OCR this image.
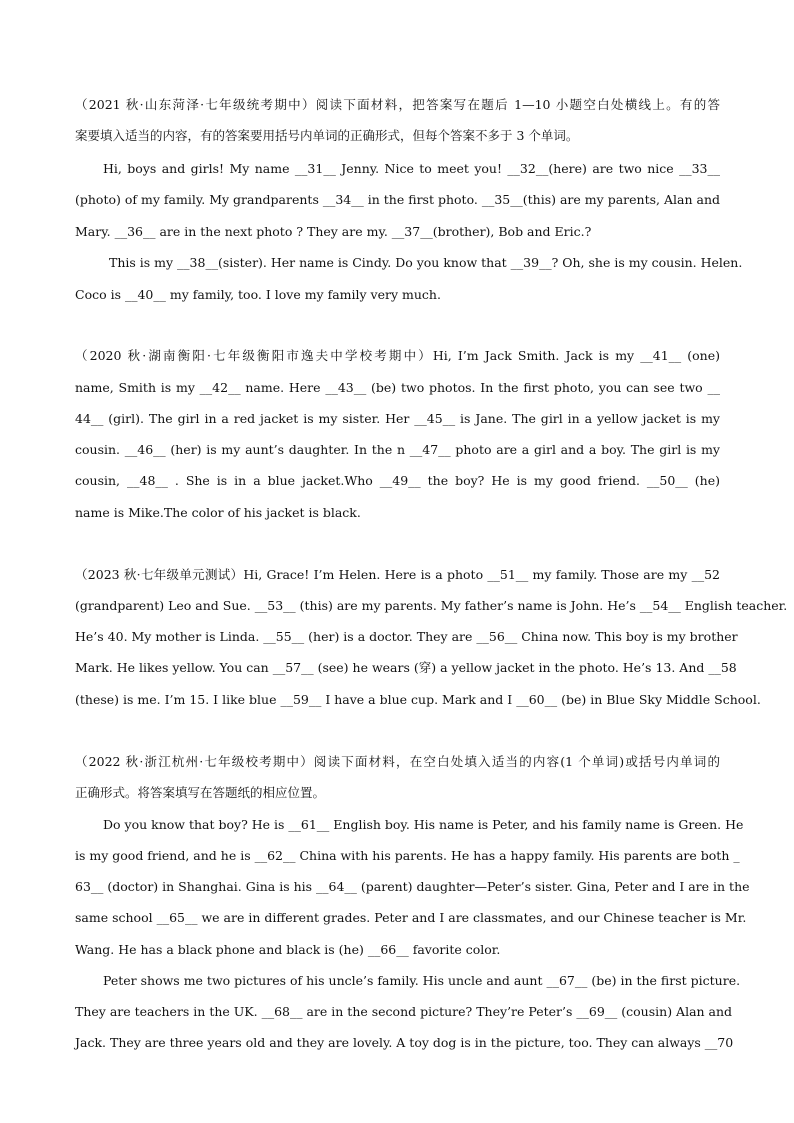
（2021 秋·山东菏泽·七年级统考期中）阅读下面材料，把答案写在题后 1—10 小题空白处横线上。有的答
案要填入适当的内容，有的答案要用括号内单词的正确形式，但每个答案不多于 3 个单词。
Hi, boys and girls! My name __31__ Jenny. Nice to meet you! __32__(here) are two nice __33__
(photo) of my family. My grandparents __34__ in the first photo. __35__(this) are my parents, Alan and
Mary. __36__ are in the next photo ? They are my. __37__(brother), Bob and Eric.?
This is my __38__(sister). Her name is Cindy. Do you know that __39__? Oh, she is my cousin. Helen.
Coco is __40__ my family, too. I love my family very much.
（2020 秋·湖南衡阳·七年级衡阳市逸夫中学校考期中）Hi, I’m Jack Smith. Jack is my __41__ (one)
name, Smith is my __42__ name. Here __43__ (be) two photos. In the first photo, you can see two __
44__ (girl). The girl in a red jacket is my sister. Her __45__ is Jane. The girl in a yellow jacket is my
cousin. __46__ (her) is my aunt’s daughter. In the n __47__ photo are a girl and a boy. The girl is my
cousin, __48__ . She is in a blue jacket.Who __49__ the boy? He is my good friend. __50__ (he)
name is Mike.The color of his jacket is black.
（2023 秋·七年级单元测试）Hi, Grace! I’m Helen. Here is a photo __51__ my family. Those are my __52
(grandparent) Leo and Sue. __53__ (this) are my parents. My father’s name is John. He’s __54__ English teacher.
He’s 40. My mother is Linda. __55__ (her) is a doctor. They are __56__ China now. This boy is my brother
Mark. He likes yellow. You can __57__ (see) he wears (穿) a yellow jacket in the photo. He’s 13. And __58
(these) is me. I’m 15. I like blue __59__ I have a blue cup. Mark and I __60__ (be) in Blue Sky Middle School.
（2022 秋·浙江杭州·七年级校考期中）阅读下面材料，在空白处填入适当的内容(1 个单词)或括号内单词的
正确形式。将答案填写在答题纸的相应位置。
Do you know that boy? He is __61__ English boy. His name is Peter, and his family name is Green. He
is my good friend, and he is __62__ China with his parents. He has a happy family. His parents are both _
63__ (doctor) in Shanghai. Gina is his __64__ (parent) daughter—Peter’s sister. Gina, Peter and I are in the
same school __65__ we are in different grades. Peter and I are classmates, and our Chinese teacher is Mr.
Wang. He has a black phone and black is (he) __66__ favorite color.
Peter shows me two pictures of his uncle’s family. His uncle and aunt __67__ (be) in the first picture.
They are teachers in the UK. __68__ are in the second picture? They’re Peter’s __69__ (cousin) Alan and
Jack. They are three years old and they are lovely. A toy dog is in the picture, too. They can always __70
